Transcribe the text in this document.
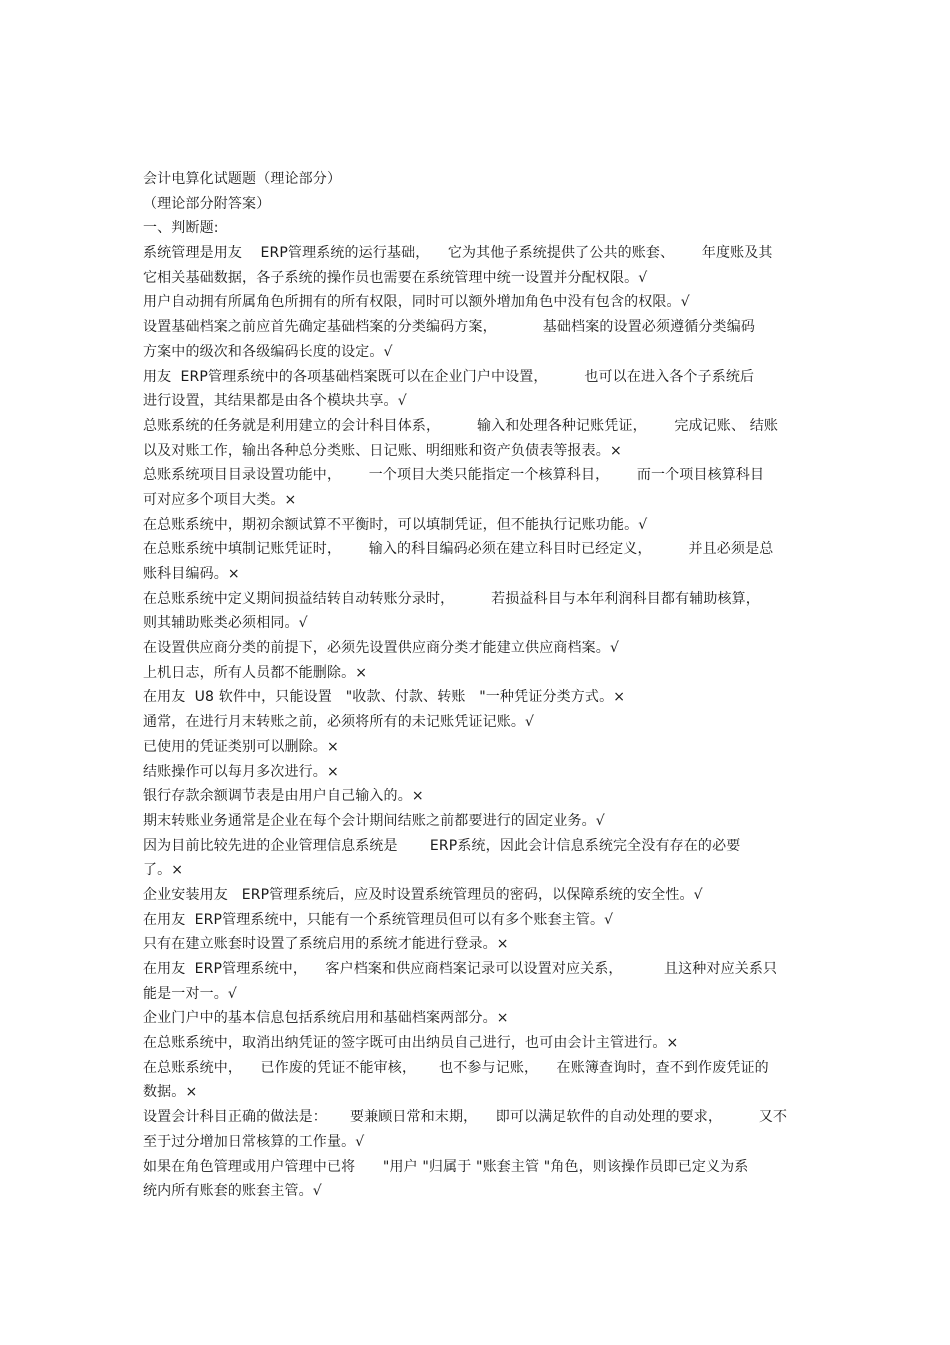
会计电算化试题题（理论部分）
（理论部分附答案）
一、判断题:
系统管理是用友    ERP管理系统的运行基础，    它为其他子系统提供了公共的账套、      年度账及其
它相关基础数据，各子系统的操作员也需要在系统管理中统一设置并分配权限。√
用户自动拥有所属角色所拥有的所有权限，同时可以额外增加角色中没有包含的权限。√
设置基础档案之前应首先确定基础档案的分类编码方案，          基础档案的设置必须遵循分类编码
方案中的级次和各级编码长度的设定。√
用友  ERP管理系统中的各项基础档案既可以在企业门户中设置，        也可以在进入各个子系统后
进行设置，其结果都是由各个模块共享。√
总账系统的任务就是利用建立的会计科目体系，        输入和处理各种记账凭证，      完成记账、 结账
以及对账工作，输出各种总分类账、日记账、明细账和资产负债表等报表。×
总账系统项目目录设置功能中，      一个项目大类只能指定一个核算科目，      而一个项目核算科目
可对应多个项目大类。×
在总账系统中，期初余额试算不平衡时，可以填制凭证，但不能执行记账功能。√
在总账系统中填制记账凭证时，      输入的科目编码必须在建立科目时已经定义，        并且必须是总
账科目编码。×
在总账系统中定义期间损益结转自动转账分录时，        若损益科目与本年利润科目都有辅助核算，
则其辅助账类必须相同。√
在设置供应商分类的前提下，必须先设置供应商分类才能建立供应商档案。√
上机日志，所有人员都不能删除。×
在用友  U8 软件中，只能设置   "收款、付款、转账   "一种凭证分类方式。×
通常，在进行月末转账之前，必须将所有的未记账凭证记账。√
已使用的凭证类别可以删除。×
结账操作可以每月多次进行。×
银行存款余额调节表是由用户自己输入的。×
期末转账业务通常是企业在每个会计期间结账之前都要进行的固定业务。√
因为目前比较先进的企业管理信息系统是       ERP系统，因此会计信息系统完全没有存在的必要
了。×
企业安装用友   ERP管理系统后，应及时设置系统管理员的密码，以保障系统的安全性。√
在用友  ERP管理系统中，只能有一个系统管理员但可以有多个账套主管。√
只有在建立账套时设置了系统启用的系统才能进行登录。×
在用友  ERP管理系统中，    客户档案和供应商档案记录可以设置对应关系，         且这种对应关系只
能是一对一。√
企业门户中的基本信息包括系统启用和基础档案两部分。×
在总账系统中，取消出纳凭证的签字既可由出纳员自己进行，也可由会计主管进行。×
在总账系统中，    已作废的凭证不能审核，     也不参与记账，    在账簿查询时，查不到作废凭证的
数据。×
设置会计科目正确的做法是：     要兼顾日常和末期，    即可以满足软件的自动处理的要求，        又不
至于过分增加日常核算的工作量。√
如果在角色管理或用户管理中已将      "用户 "归属于 "账套主管 "角色，则该操作员即已定义为系
统内所有账套的账套主管。√
